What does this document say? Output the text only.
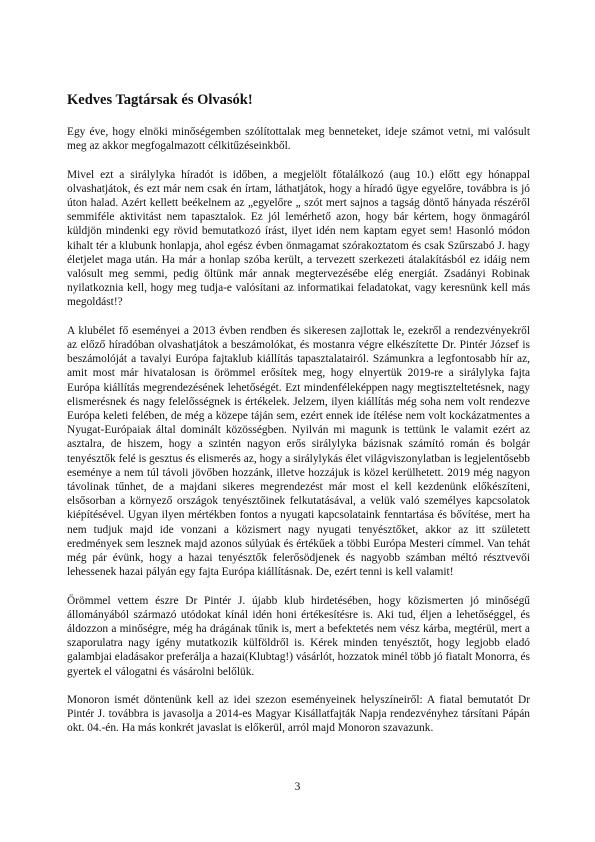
Kedves Tagtársak és Olvasók!

Egy éve, hogy elnöki minőségemben szólítottalak meg benneteket, ideje számot vetni, mi valósult meg az akkor megfogalmazott célkitűzéseinkből.

Mivel ezt a sirálylyka híradót is időben, a megjelölt főtalálkozó (aug 10.) előtt egy hónappal olvashatjátok, és ezt már nem csak én írtam, láthatjátok, hogy a híradó ügye egyelőre, továbbra is jó úton halad. Azért kellett beékelnem az „egyelőre „ szót mert sajnos a tagság döntő hányada részéről semmiféle aktivitást nem tapasztalok. Ez jól lemérhető azon, hogy bár kértem, hogy önmagáról küldjön mindenki egy rövid bemutatkozó írást, ilyet idén nem kaptam egyet sem! Hasonló módon kihalt tér a klubunk honlapja, ahol egész évben önmagamat szórakoztatom és csak Szűrszabó J. hagy életjelet maga után. Ha már a honlap szóba került, a tervezett szerkezeti átalakításból ez idáig nem valósult meg semmi, pedig öltünk már annak megtervezésébe elég energiát. Zsadányi Robinak nyilatkoznia kell, hogy meg tudja-e valósítani az informatikai feladatokat, vagy keresnünk kell más megoldást!?

A klubélet fő eseményei a 2013 évben rendben és sikeresen zajlottak le, ezekről a rendezvényekről az előző híradóban olvashatjátok a beszámolókat, és mostanra végre elkészítette Dr. Pintér József is beszámolóját a tavalyi Európa fajtaklub kiállítás tapasztalatairól. Számunkra a legfontosabb hír az, amit most már hivatalosan is örömmel erősítek meg, hogy elnyertük 2019-re a sirálylyka fajta Európa kiállítás megrendezésének lehetőségét. Ezt mindenféleképpen nagy megtiszteltetésnek, nagy elismerésnek és nagy felelősségnek is értékelek. Jelzem, ilyen kiállítás még soha nem volt rendezve Európa keleti felében, de még a közepe táján sem, ezért ennek ide ítélése nem volt kockázatmentes a Nyugat-Európaiak által dominált közösségben. Nyilván mi magunk is tettünk le valamit ezért az asztalra, de hiszem, hogy a szintén nagyon erős sirálylyka bázisnak számító román és bolgár tenyésztők felé is gesztus és elismerés az, hogy a sirálylykás élet világviszonylatban is legjelentősebb eseménye a nem túl távoli jövőben hozzánk, illetve hozzájuk is közel kerülhetett. 2019 még nagyon távolinak tűnhet, de a majdani sikeres megrendezést már most el kell kezdenünk előkészíteni, elsősorban a környező országok tenyésztőinek felkutatásával, a velük való személyes kapcsolatok kiépítésével. Ugyan ilyen mértékben fontos a nyugati kapcsolataink fenntartása és bővítése, mert ha nem tudjuk majd ide vonzani a közismert nagy nyugati tenyésztőket, akkor az itt született eredmények sem lesznek majd azonos súlyúak és értékűek a többi Európa Mesteri címmel. Van tehát még pár évünk, hogy a hazai tenyésztők felerősödjenek és nagyobb számban méltó résztvevői lehessenek hazai pályán egy fajta Európa kiállításnak. De, ezért tenni is kell valamit!

Örömmel vettem észre Dr Pintér J. újabb klub hirdetésében, hogy közismerten jó minőségű állományából származó utódokat kínál idén honi értékesítésre is. Aki tud, éljen a lehetőséggel, és áldozzon a minőségre, még ha drágának tűnik is, mert a befektetés nem vész kárba, megtérül, mert a szaporulatra nagy igény mutatkozik külföldről is. Kérek minden tenyésztőt, hogy legjobb eladó galambjai eladásakor preferálja a hazai(Klubtag!) vásárlót, hozzatok minél több jó fiatalt Monorra, és gyertek el válogatni és vásárolni belőlük.

Monoron ismét döntenünk kell az idei szezon eseményeinek helyszíneiről: A fiatal bemutatót Dr Pintér J. továbbra is javasolja a 2014-es Magyar Kisállatfajták Napja rendezvényhez társítani Pápán okt. 04.-én. Ha más konkrét javaslat is előkerül, arról majd Monoron szavazunk.

3
